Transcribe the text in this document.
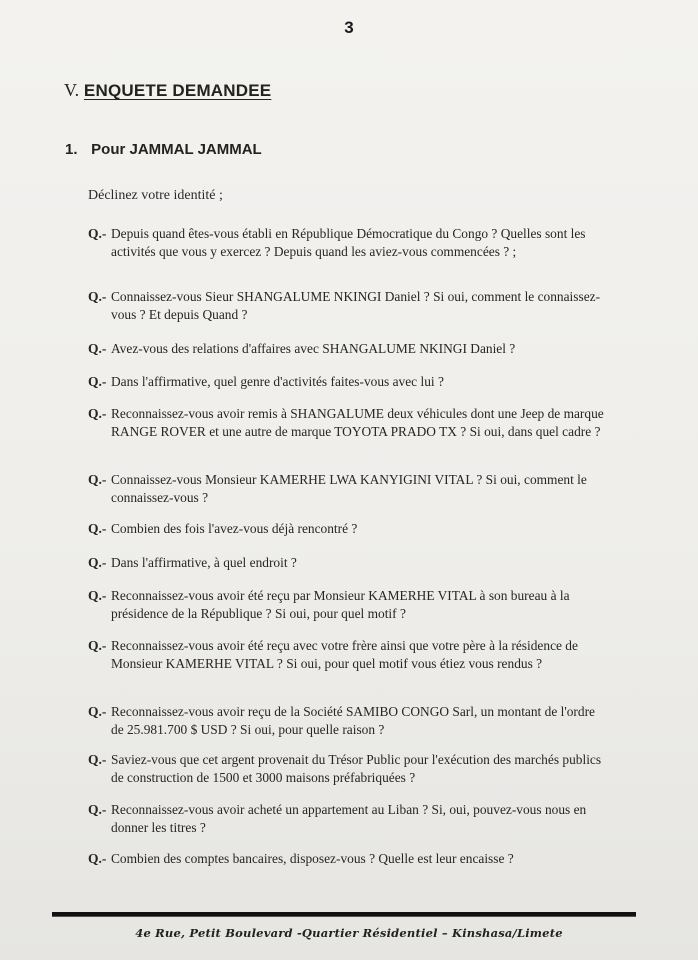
3
V. ENQUETE DEMANDEE
1. Pour JAMMAL JAMMAL
Déclinez votre identité ;
Q.- Depuis quand êtes-vous établi en République Démocratique du Congo ? Quelles sont les activités que vous y exercez ? Depuis quand les aviez-vous commencées ? ;
Q.- Connaissez-vous Sieur SHANGALUME NKINGI Daniel ? Si oui, comment le connaissez-vous ? Et depuis Quand ?
Q.- Avez-vous des relations d'affaires avec SHANGALUME NKINGI Daniel ?
Q.- Dans l'affirmative, quel genre d'activités faites-vous avec lui ?
Q.- Reconnaissez-vous avoir remis à SHANGALUME deux véhicules dont une Jeep de marque RANGE ROVER et une autre de marque TOYOTA PRADO TX ? Si oui, dans quel cadre ?
Q.- Connaissez-vous Monsieur KAMERHE LWA KANYIGINI VITAL ? Si oui, comment le connaissez-vous ?
Q.- Combien des fois l'avez-vous déjà rencontré ?
Q.- Dans l'affirmative, à quel endroit ?
Q.- Reconnaissez-vous avoir été reçu par Monsieur KAMERHE VITAL à son bureau à la présidence de la République ? Si oui, pour quel motif ?
Q.- Reconnaissez-vous avoir été reçu avec votre frère ainsi que votre père à la résidence de Monsieur KAMERHE VITAL ? Si oui, pour quel motif vous étiez vous rendus ?
Q.- Reconnaissez-vous avoir reçu de la Société SAMIBO CONGO Sarl, un montant de l'ordre de 25.981.700 $ USD ? Si oui, pour quelle raison ?
Q.- Saviez-vous que cet argent provenait du Trésor Public pour l'exécution des marchés publics de construction de 1500 et 3000 maisons préfabriquées ?
Q.- Reconnaissez-vous avoir acheté un appartement au Liban ? Si, oui, pouvez-vous nous en donner les titres ?
Q.- Combien des comptes bancaires, disposez-vous ? Quelle est leur encaisse ?
4e Rue, Petit Boulevard -Quartier Résidentiel – Kinshasa/Limete
